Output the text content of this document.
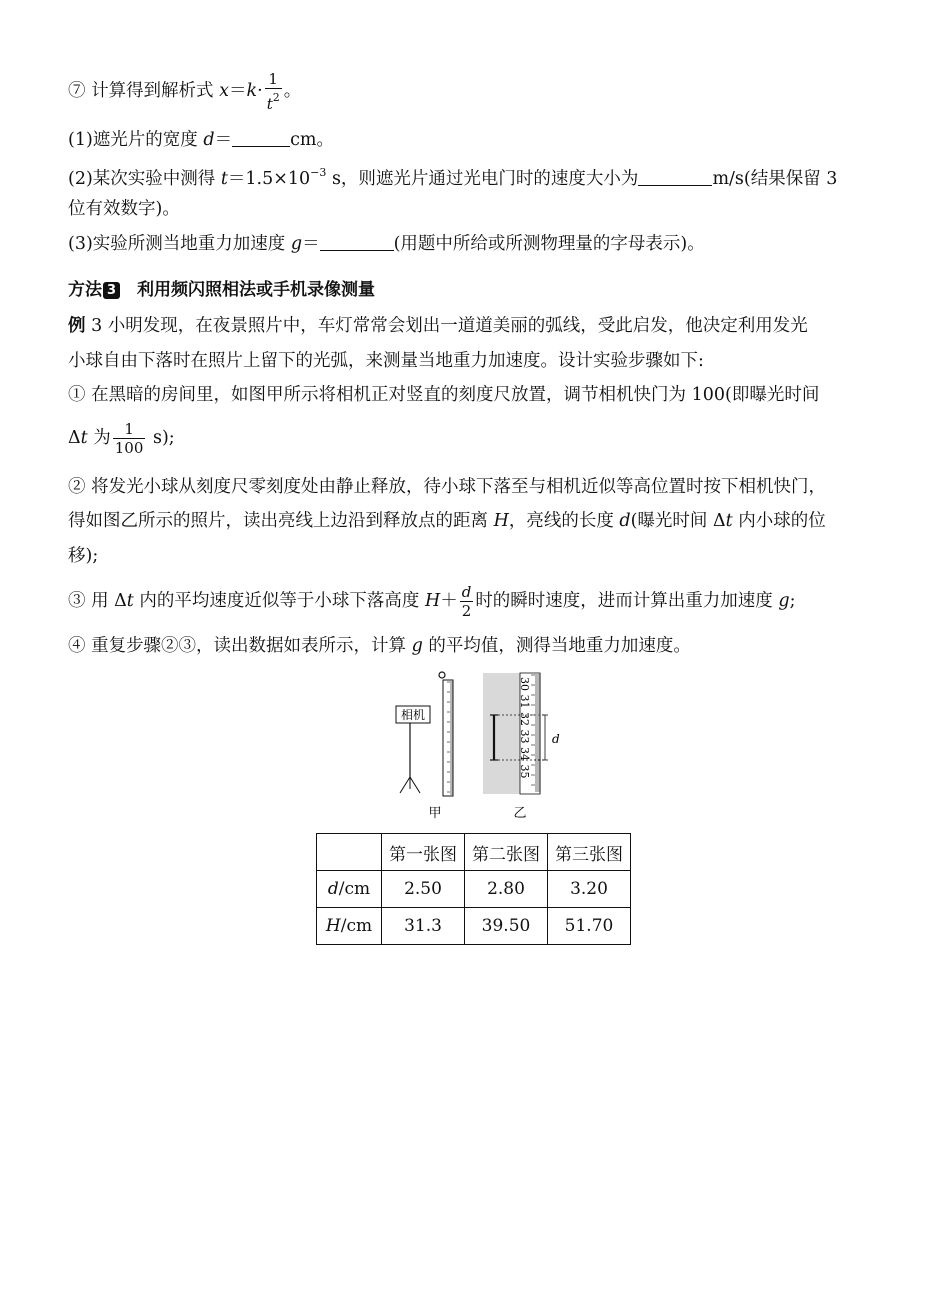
⑦ 计算得到解析式 $x=k\cdot \frac{1}{t^2}$ 。
(1)遮光片的宽度 d＝	cm。
(2)某次实验中测得 $t=1.5\times 10^{-3}$ s，则遮光片通过光电门时的速度大小为	m/s(结果保留 3
位有效数字)。
(3)实验所测当地重力加速度 g＝	(用题中所给或所测物理量的字母表示)。
方法 3 利用频闪照相法或手机录像测量
例 3 小明发现，在夜景照片中，车灯常常会划出一道道美丽的弧线，受此启发，他决定利用发光
小球自由下落时在照片上留下的光弧，来测量当地重力加速度。设计实验步骤如下:
① 在黑暗的房间里，如图甲所示将相机正对竖直的刻度尺放置，调节相机快门为 100(即曝光时间
Δt 为 $\frac{1}{100} s$);
② 将发光小球从刻度尺零刻度处由静止释放，待小球下落至与相机近似等高位置时按下相机快门，
得如图乙所示的照片，读出亮线上边沿到释放点的距离 H，亮线的长度 d(曝光时间 Δt 内小球的位
移);
③ 用 Δt 内的平均速度近似等于小球下落高度 $H+ \frac{d}{2}$ 时的瞬时速度，进而计算出重力加速度 g;
④ 重复步骤②③，读出数据如表所示，计算 g 的平均值，测得当地重力加速度。
相机
30
31
32
33
34
35
d
甲	乙
	第一张图	第二张图	第三张图
d/cm	2.50	2.80	3.20
H/cm	31.3	39.50	51.70
